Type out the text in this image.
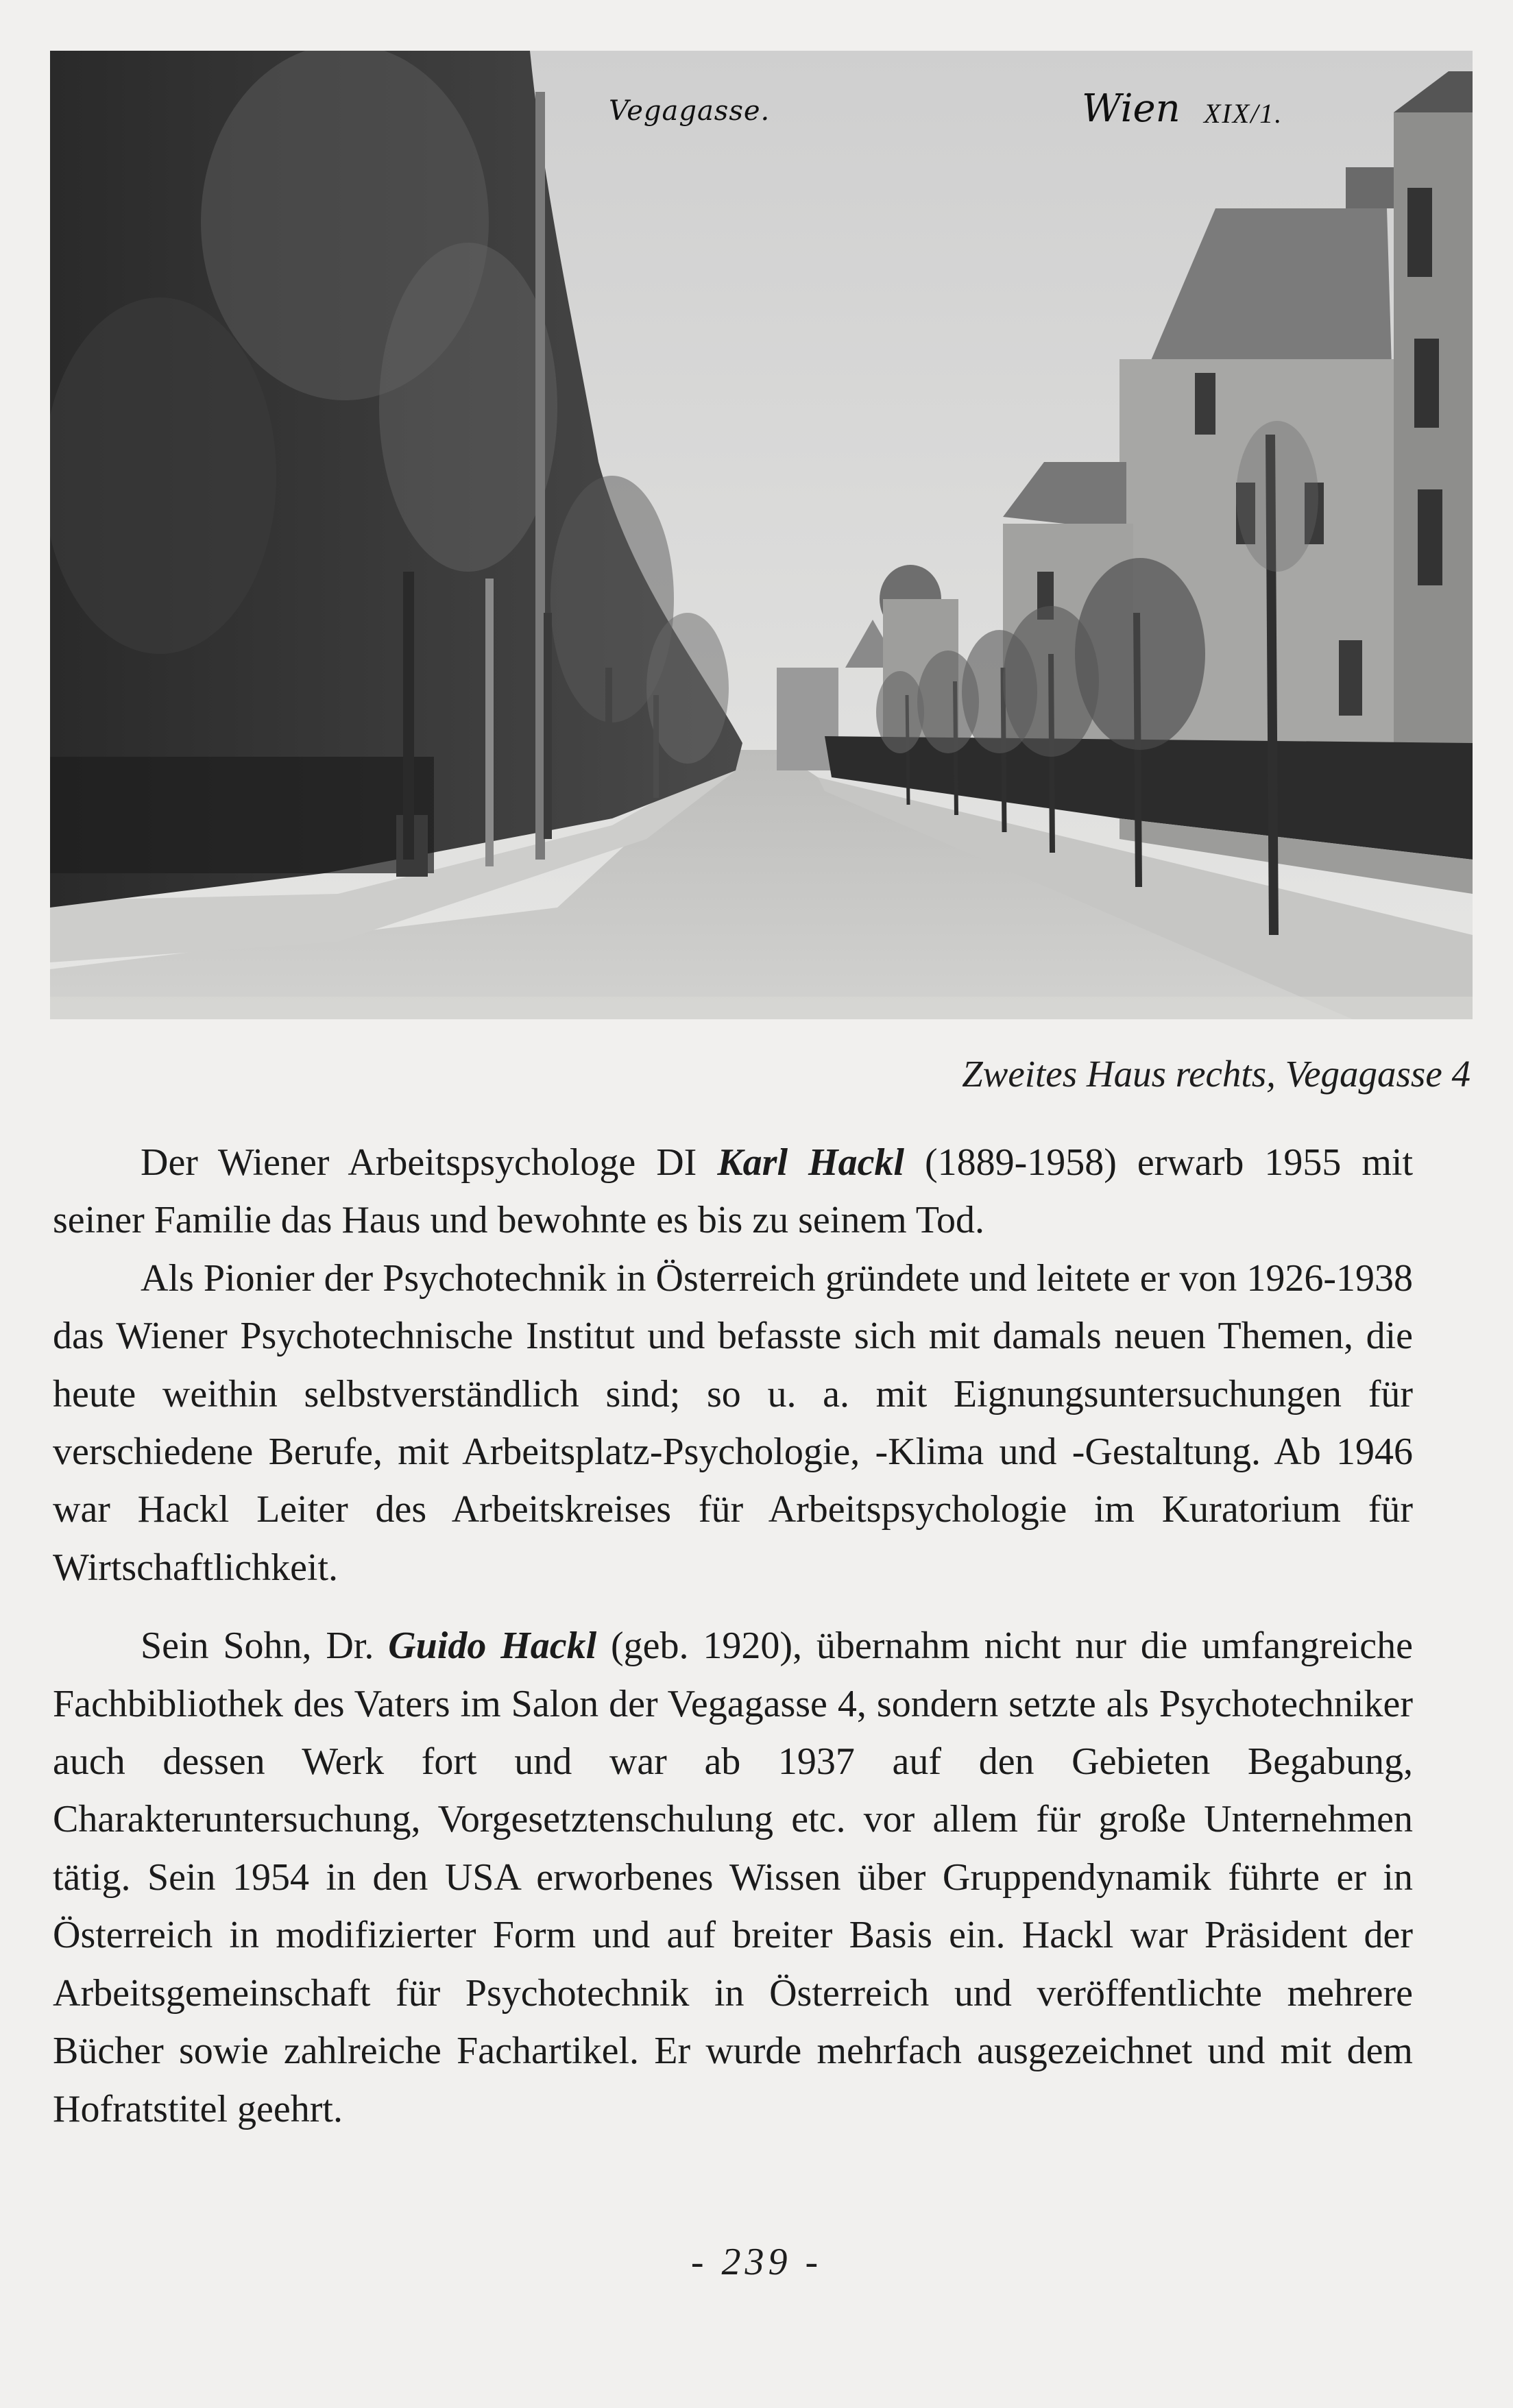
Vegagasse.	Wien XIX/1.
Zweites Haus rechts, Vegagasse 4

Der Wiener Arbeitspsychologe DI Karl Hackl (1889-1958) erwarb 1955 mit seiner Familie das Haus und bewohnte es bis zu seinem Tod.

Als Pionier der Psychotechnik in Österreich gründete und leitete er von 1926-1938 das Wiener Psychotechnische Institut und befasste sich mit damals neuen Themen, die heute weithin selbstverständlich sind; so u. a. mit Eignungsuntersuchungen für verschiedene Berufe, mit Arbeitsplatz-Psychologie, -Klima und -Gestaltung. Ab 1946 war Hackl Leiter des Arbeitskreises für Arbeitspsychologie im Kuratorium für Wirtschaftlichkeit.

Sein Sohn, Dr. Guido Hackl (geb. 1920), übernahm nicht nur die umfangreiche Fachbibliothek des Vaters im Salon der Vegagasse 4, sondern setzte als Psychotechniker auch dessen Werk fort und war ab 1937 auf den Gebieten Begabung, Charakteruntersuchung, Vorgesetztenschulung etc. vor allem für große Unternehmen tätig. Sein 1954 in den USA erworbenes Wissen über Gruppendynamik führte er in Österreich in modifizierter Form und auf breiter Basis ein. Hackl war Präsident der Arbeitsgemeinschaft für Psychotechnik in Österreich und veröffentlichte mehrere Bücher sowie zahlreiche Fachartikel. Er wurde mehrfach ausgezeichnet und mit dem Hofratstitel geehrt.

- 239 -
